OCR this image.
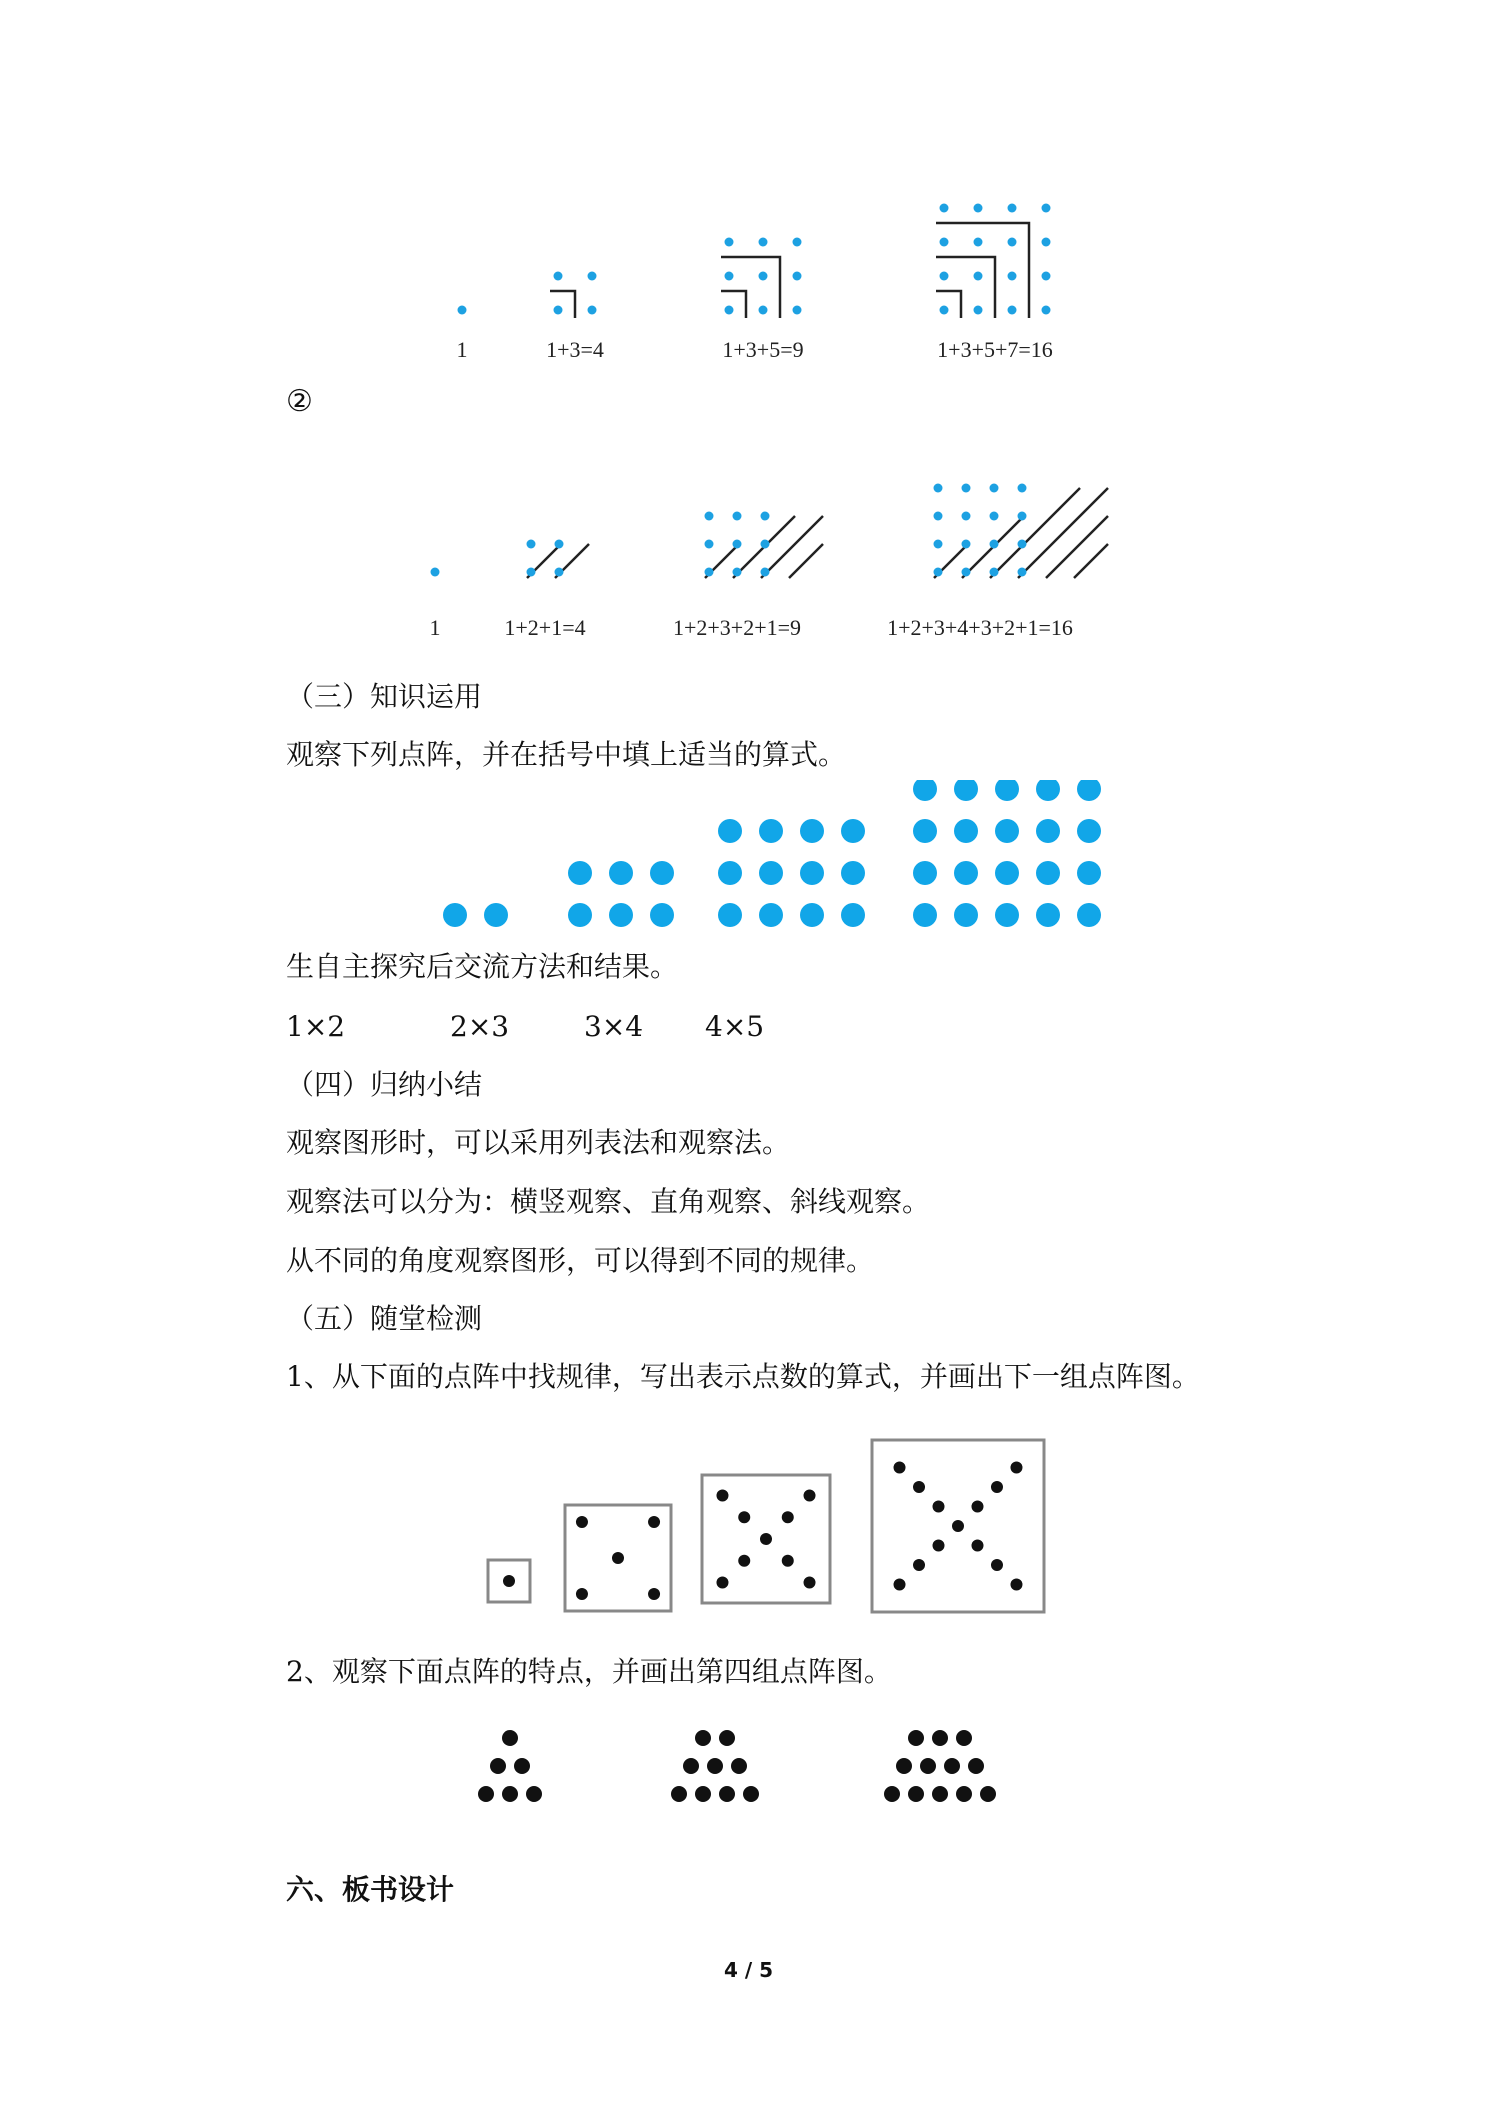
1	1+3=4	1+3+5=9	1+3+5+7=16
②
1	1+2+1=4	1+2+3+2+1=9	1+2+3+4+3+2+1=16
（三）知识运用
观察下列点阵，并在括号中填上适当的算式。
生自主探究后交流方法和结果。
1×2	2×3	3×4 4×5
（四）归纳小结
观察图形时，可以采用列表法和观察法。
观察法可以分为：横竖观察、直角观察、斜线观察。
从不同的角度观察图形，可以得到不同的规律。
（五）随堂检测
1、从下面的点阵中找规律，写出表示点数的算式，并画出下一组点阵图。
2、观察下面点阵的特点，并画出第四组点阵图。
六、板书设计
4 / 5
